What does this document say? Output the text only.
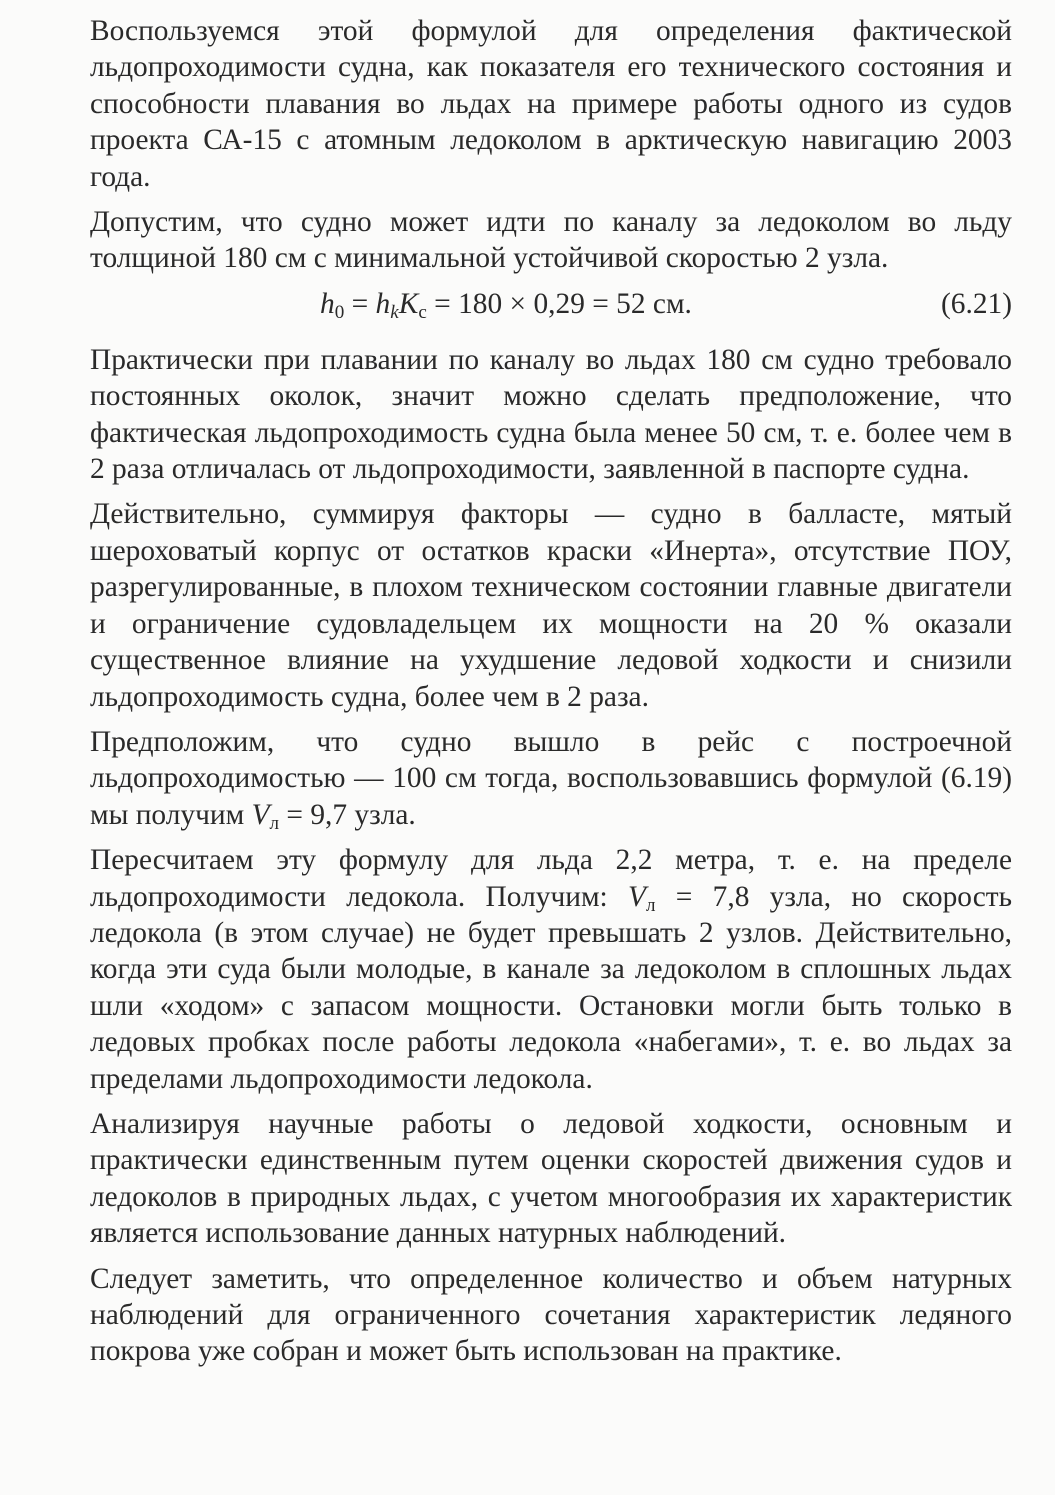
Воспользуемся этой формулой для определения фактической льдопроходимости судна, как показателя его технического состояния и способности плавания во льдах на примере работы одного из судов проекта СА-15 с атомным ледоколом в арктическую навигацию 2003 года.

Допустим, что судно может идти по каналу за ледоколом во льду толщиной 180 см с минимальной устойчивой скоростью 2 узла.

$h_0 = h_kK_с = 180 \times 0,29 = 52$ см.	(6.21)

Практически при плавании по каналу во льдах 180 см судно требовало постоянных околок, значит можно сделать предположение, что фактическая льдопроходимость судна была менее 50 см, т. е. более чем в 2 раза отличалась от льдопроходимости, заявленной в паспорте судна.

Действительно, суммируя факторы — судно в балласте, мятый шероховатый корпус от остатков краски «Инерта», отсутствие ПОУ, разрегулированные, в плохом техническом состоянии главные двигатели и ограничение судовладельцем их мощности на 20 % оказали существенное влияние на ухудшение ледовой ходкости и снизили льдопроходимость судна, более чем в 2 раза.

Предположим, что судно вышло в рейс с построечной льдопроходимостью — 100 см тогда, воспользовавшись формулой (6.19) мы получим $V_л = 9,7$ узла.

Пересчитаем эту формулу для льда 2,2 метра, т. е. на пределе льдопроходимости ледокола. Получим: $V_л = 7,8$ узла, но скорость ледокола (в этом случае) не будет превышать 2 узлов. Действительно, когда эти суда были молодые, в канале за ледоколом в сплошных льдах шли «ходом» с запасом мощности. Остановки могли быть только в ледовых пробках после работы ледокола «набегами», т. е. во льдах за пределами льдопроходимости ледокола.

Анализируя научные работы о ледовой ходкости, основным и практически единственным путем оценки скоростей движения судов и ледоколов в природных льдах, с учетом многообразия их характеристик является использование данных натурных наблюдений.

Следует заметить, что определенное количество и объем натурных наблюдений для ограниченного сочетания характеристик ледяного покрова уже собран и может быть использован на практике.
